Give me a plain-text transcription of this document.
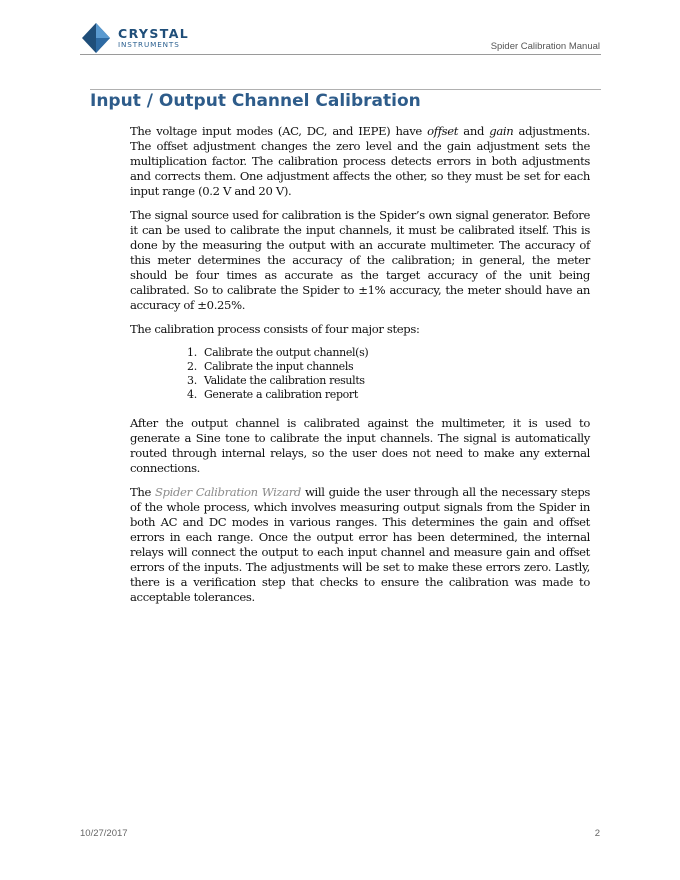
CRYSTAL
INSTRUMENTS	Spider Calibration Manual
Input / Output Channel Calibration

The voltage input modes (AC, DC, and IEPE) have offset and gain adjustments. The offset adjustment changes the zero level and the gain adjustment sets the multiplication factor. The calibration process detects errors in both adjustments and corrects them. One adjustment affects the other, so they must be set for each input range (0.2 V and 20 V).

The signal source used for calibration is the Spider’s own signal generator. Before it can be used to calibrate the input channels, it must be calibrated itself. This is done by the measuring the output with an accurate multimeter. The accuracy of this meter determines the accuracy of the calibration; in general, the meter should be four times as accurate as the target accuracy of the unit being calibrated. So to calibrate the Spider to ±1% accuracy, the meter should have an accuracy of ±0.25%.

The calibration process consists of four major steps:

1. Calibrate the output channel(s)
2. Calibrate the input channels
3. Validate the calibration results
4. Generate a calibration report

After the output channel is calibrated against the multimeter, it is used to generate a Sine tone to calibrate the input channels. The signal is automatically routed through internal relays, so the user does not need to make any external connections.

The Spider Calibration Wizard will guide the user through all the necessary steps of the whole process, which involves measuring output signals from the Spider in both AC and DC modes in various ranges. This determines the gain and offset errors in each range. Once the output error has been determined, the internal relays will connect the output to each input channel and measure gain and offset errors of the inputs. The adjustments will be set to make these errors zero. Lastly, there is a verification step that checks to ensure the calibration was made to acceptable tolerances.

10/27/2017	2
